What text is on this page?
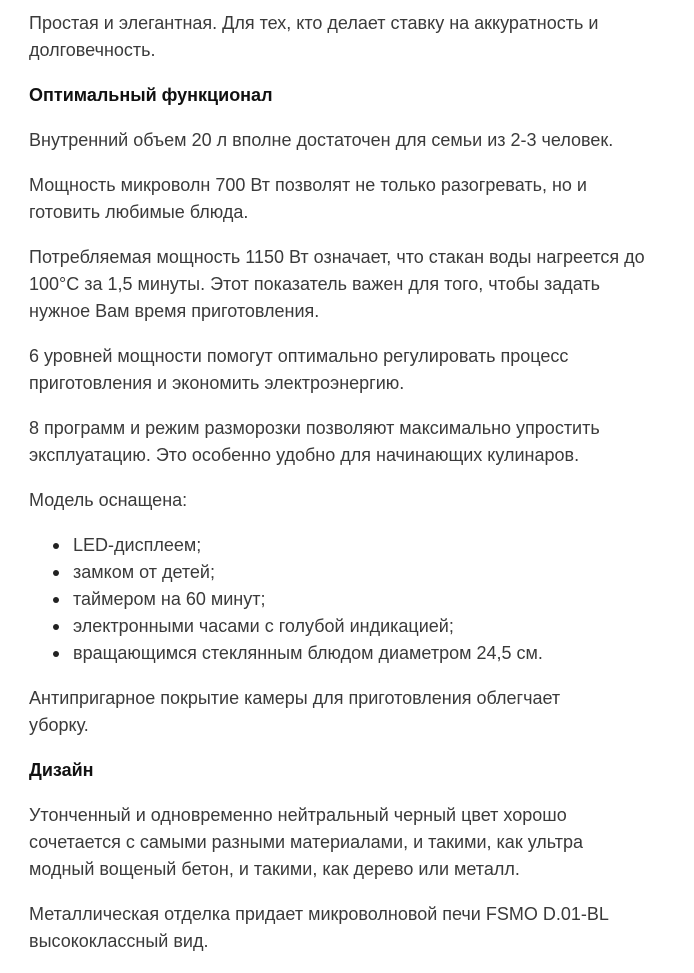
Простая и элегантная. Для тех, кто делает ставку на аккуратность и
долговечность.

Оптимальный функционал

Внутренний объем 20 л вполне достаточен для семьи из 2-3 человек.

Мощность микроволн 700 Вт позволят не только разогревать, но и
готовить любимые блюда.

Потребляемая мощность 1150 Вт означает, что стакан воды нагреется до
100°C за 1,5 минуты. Этот показатель важен для того, чтобы задать
нужное Вам время приготовления.

6 уровней мощности помогут оптимально регулировать процесс
приготовления и экономить электроэнергию.

8 программ и режим разморозки позволяют максимально упростить
эксплуатацию. Это особенно удобно для начинающих кулинаров.

Модель оснащена:

LED-дисплеем;
замком от детей;
таймером на 60 минут;
электронными часами с голубой индикацией;
вращающимся стеклянным блюдом диаметром 24,5 см.

Антипригарное покрытие камеры для приготовления облегчает
уборку.

Дизайн

Утонченный и одновременно нейтральный черный цвет хорошо
сочетается с самыми разными материалами, и такими, как ультра
модный вощеный бетон, и такими, как дерево или металл.

Металлическая отделка придает микроволновой печи FSMO D.01-BL
высококлассный вид.
